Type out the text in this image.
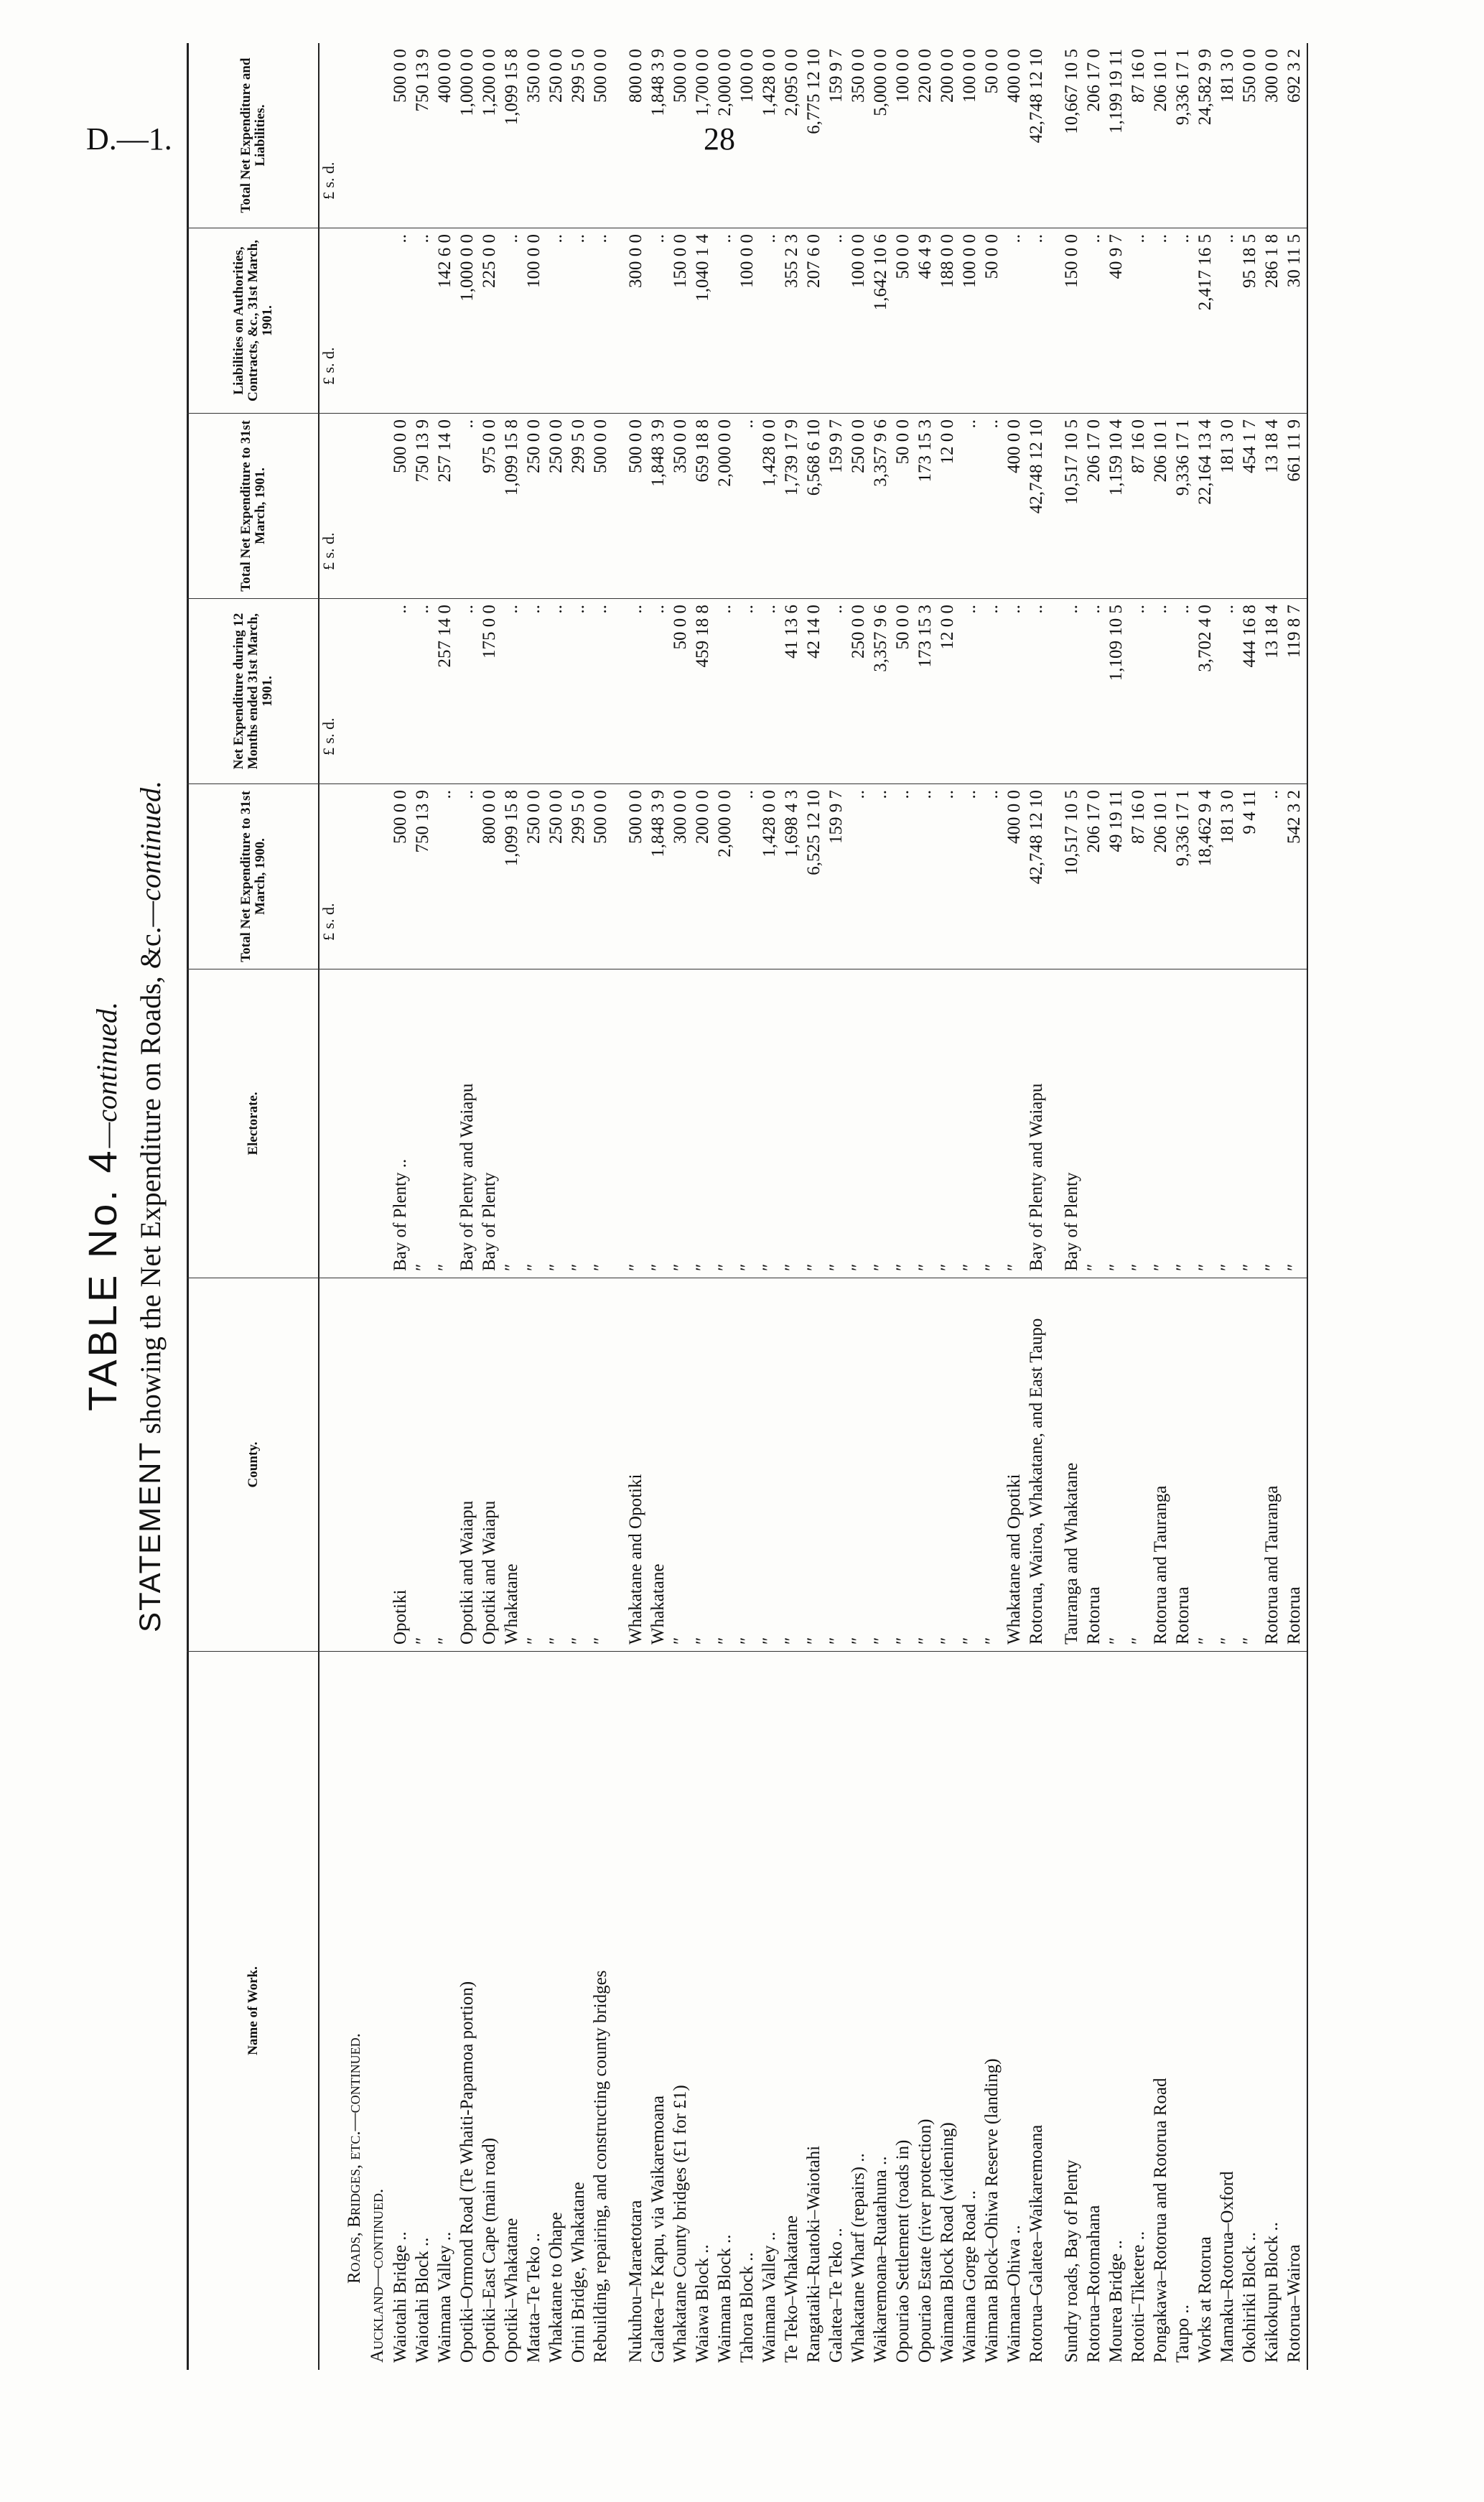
D.—1.	28
TABLE No. 4—continued.
STATEMENT showing the Net Expenditure on Roads, &c.—continued.
Name of Work.
County.
Electorate.
Total Net Expenditure to 31st March, 1900.
Net Expenditure during 12 Months ended 31st March, 1901.
Total Net Expenditure to 31st March, 1901.
Liabilities on Authorities, Contracts, &c., 31st March, 1901.
Total Net Expenditure and Liabilities.
£ s. d.
£ s. d.
£ s. d.
£ s. d.
£ s. d.
Roads, Bridges, etc.—continued. Auckland—continued. Waiotahi Bridge ..
Opotiki
Bay of Plenty ..
500 0 0
..
500 0 0
..
500 0 0
Waiotahi Block ..
″
″
750 13 9
..
750 13 9
..
750 13 9
Waimana Valley ..
″
″
..
257 14 0
257 14 0
142 6 0
400 0 0
Opotiki–Ormond Road (Te Whaiti-Papamoa portion)
Opotiki and Waiapu
Bay of Plenty and Waiapu
..
..
..
1,000 0 0
1,000 0 0
Opotiki–East Cape (main road)
Opotiki and Waiapu
Bay of Plenty
800 0 0
175 0 0
975 0 0
225 0 0
1,200 0 0
Opotiki–Whakatane
Whakatane
″
1,099 15 8
..
1,099 15 8
..
1,099 15 8
Matata–Te Teko ..
″
″
250 0 0
..
250 0 0
100 0 0
350 0 0
Whakatane to Ohape
″
″
250 0 0
..
250 0 0
..
250 0 0
Orini Bridge, Whakatane
″
″
299 5 0
..
299 5 0
..
299 5 0
Rebuilding, repairing, and constructing county bridges
″
″
500 0 0
..
500 0 0
..
500 0 0
Nukuhou–Maraetotara
Whakatane and Opotiki
″
500 0 0
..
500 0 0
300 0 0
800 0 0
Galatea–Te Kapu, via Waikaremoana
Whakatane
″
1,848 3 9
..
1,848 3 9
..
1,848 3 9
Whakatane County bridges (£1 for £1)
″
″
300 0 0
50 0 0
350 0 0
150 0 0
500 0 0
Waiawa Block ..
″
″
200 0 0
459 18 8
659 18 8
1,040 1 4
1,700 0 0
Waimana Block ..
″
″
2,000 0 0
..
2,000 0 0
..
2,000 0 0
Tahora Block ..
″
″
..
..
..
100 0 0
100 0 0
Waimana Valley ..
″
″
1,428 0 0
..
1,428 0 0
..
1,428 0 0
Te Teko–Whakatane
″
″
1,698 4 3
41 13 6
1,739 17 9
355 2 3
2,095 0 0
Rangataiki–Ruatoki–Waiotahi
″
″
6,525 12 10
42 14 0
6,568 6 10
207 6 0
6,775 12 10
Galatea–Te Teko ..
″
″
159 9 7
..
159 9 7
..
159 9 7
Whakatane Wharf (repairs) ..
″
″
..
250 0 0
250 0 0
100 0 0
350 0 0
Waikaremoana–Ruatahuna ..
″
″
..
3,357 9 6
3,357 9 6
1,642 10 6
5,000 0 0
Opouriao Settlement (roads in)
″
″
..
50 0 0
50 0 0
50 0 0
100 0 0
Opouriao Estate (river protection)
″
″
..
173 15 3
173 15 3
46 4 9
220 0 0
Waimana Block Road (widening)
″
″
..
12 0 0
12 0 0
188 0 0
200 0 0
Waimana Gorge Road ..
″
″
..
..
..
100 0 0
100 0 0
Waimana Block–Ohiwa Reserve (landing)
″
″
..
..
..
50 0 0
50 0 0
Waimana–Ohiwa ..
Whakatane and Opotiki
″
400 0 0
..
400 0 0
..
400 0 0
Rotorua–Galatea–Waikaremoana
Rotorua, Wairoa, Whakatane, and East Taupo
Bay of Plenty and Waiapu
42,748 12 10
..
42,748 12 10
..
42,748 12 10
Sundry roads, Bay of Plenty
Tauranga and Whakatane
Bay of Plenty
10,517 10 5
..
10,517 10 5
150 0 0
10,667 10 5
Rotorua–Rotomahana
Rotorua
″
206 17 0
..
206 17 0
..
206 17 0
Mourea Bridge ..
″
″
49 19 11
1,109 10 5
1,159 10 4
40 9 7
1,199 19 11
Rotoiti–Tiketere ..
″
″
87 16 0
..
87 16 0
..
87 16 0
Pongakawa–Rotorua and Rotorua Road
Rotorua and Tauranga
″
206 10 1
..
206 10 1
..
206 10 1
Taupo ..
Rotorua
″
9,336 17 1
..
9,336 17 1
..
9,336 17 1
Works at Rotorua
″
″
18,462 9 4
3,702 4 0
22,164 13 4
2,417 16 5
24,582 9 9
Mamaku–Rotorua–Oxford
″
″
181 3 0
..
181 3 0
..
181 3 0
Okohiriki Block ..
″
″
9 4 11
444 16 8
454 1 7
95 18 5
550 0 0
Kaikokupu Block ..
Rotorua and Tauranga
″
..
13 18 4
13 18 4
286 1 8
300 0 0
Rotorua–Wairoa
Rotorua
″
542 3 2
119 8 7
661 11 9
30 11 5
692 3 2
